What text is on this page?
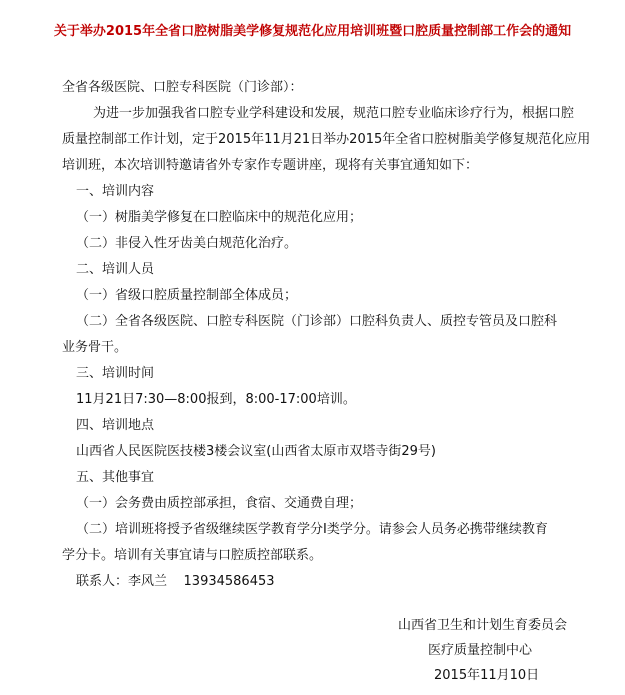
关于举办2015年全省口腔树脂美学修复规范化应用培训班暨口腔质量控制部工作会的通知
全省各级医院、口腔专科医院（门诊部）：
为进一步加强我省口腔专业学科建设和发展，规范口腔专业临床诊疗行为，根据口腔
质量控制部工作计划，定于2015年11月21日举办2015年全省口腔树脂美学修复规范化应用
培训班，本次培训特邀请省外专家作专题讲座，现将有关事宜通知如下：
一、培训内容
（一）树脂美学修复在口腔临床中的规范化应用；
（二）非侵入性牙齿美白规范化治疗。
二、培训人员
（一）省级口腔质量控制部全体成员；
（二）全省各级医院、口腔专科医院（门诊部）口腔科负责人、质控专管员及口腔科
业务骨干。
三、培训时间
11月21日7:30—8:00报到，8:00-17:00培训。
四、培训地点
山西省人民医院医技楼3楼会议室(山西省太原市双塔寺街29号)
五、其他事宜
（一）会务费由质控部承担，食宿、交通费自理；
（二）培训班将授予省级继续医学教育学分Ⅰ类学分。请参会人员务必携带继续教育
学分卡。培训有关事宜请与口腔质控部联系。
联系人：李风兰    13934586453
山西省卫生和计划生育委员会
医疗质量控制中心
2015年11月10日
